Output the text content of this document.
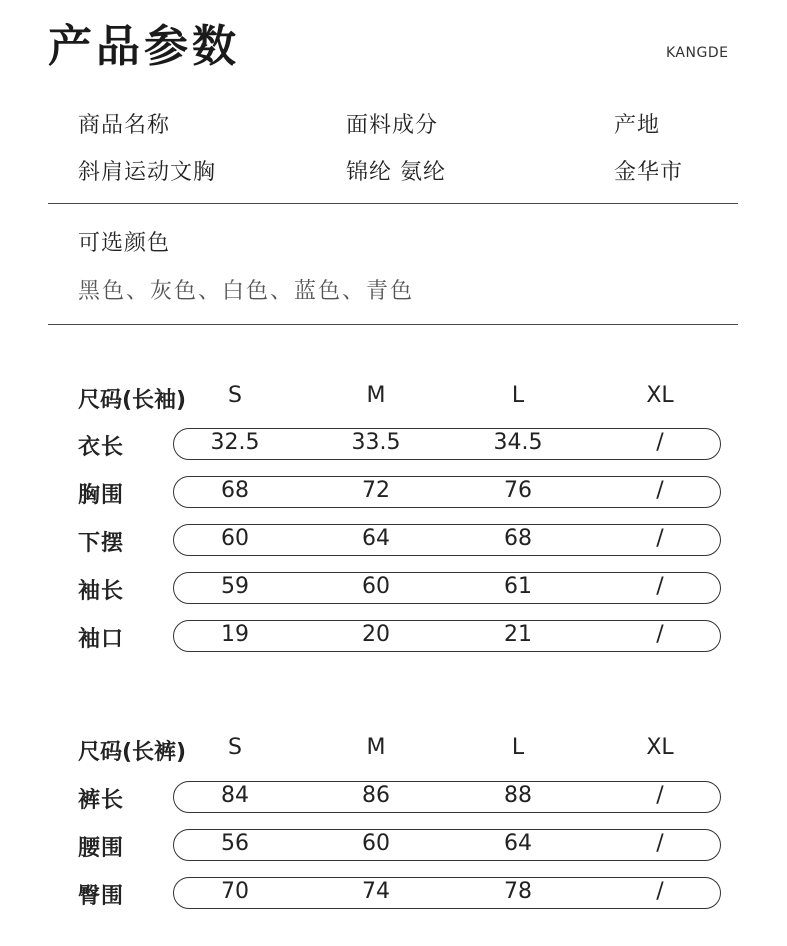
产品参数	KANGDE
商品名称	面料成分	产地
斜肩运动文胸	锦纶 氨纶	金华市
可选颜色
黑色、灰色、白色、蓝色、青色
尺码(长袖) S	M	L	XL
衣长	32.5	33.5	34.5	/
胸围	68	72	76	/
下摆	60	64	68	/
袖长	59	60	61	/
袖口	19	20	21	/
尺码(长裤) S	M	L	XL
裤长	84	86	88	/
腰围	56	60	64	/
臀围	70	74	78	/
